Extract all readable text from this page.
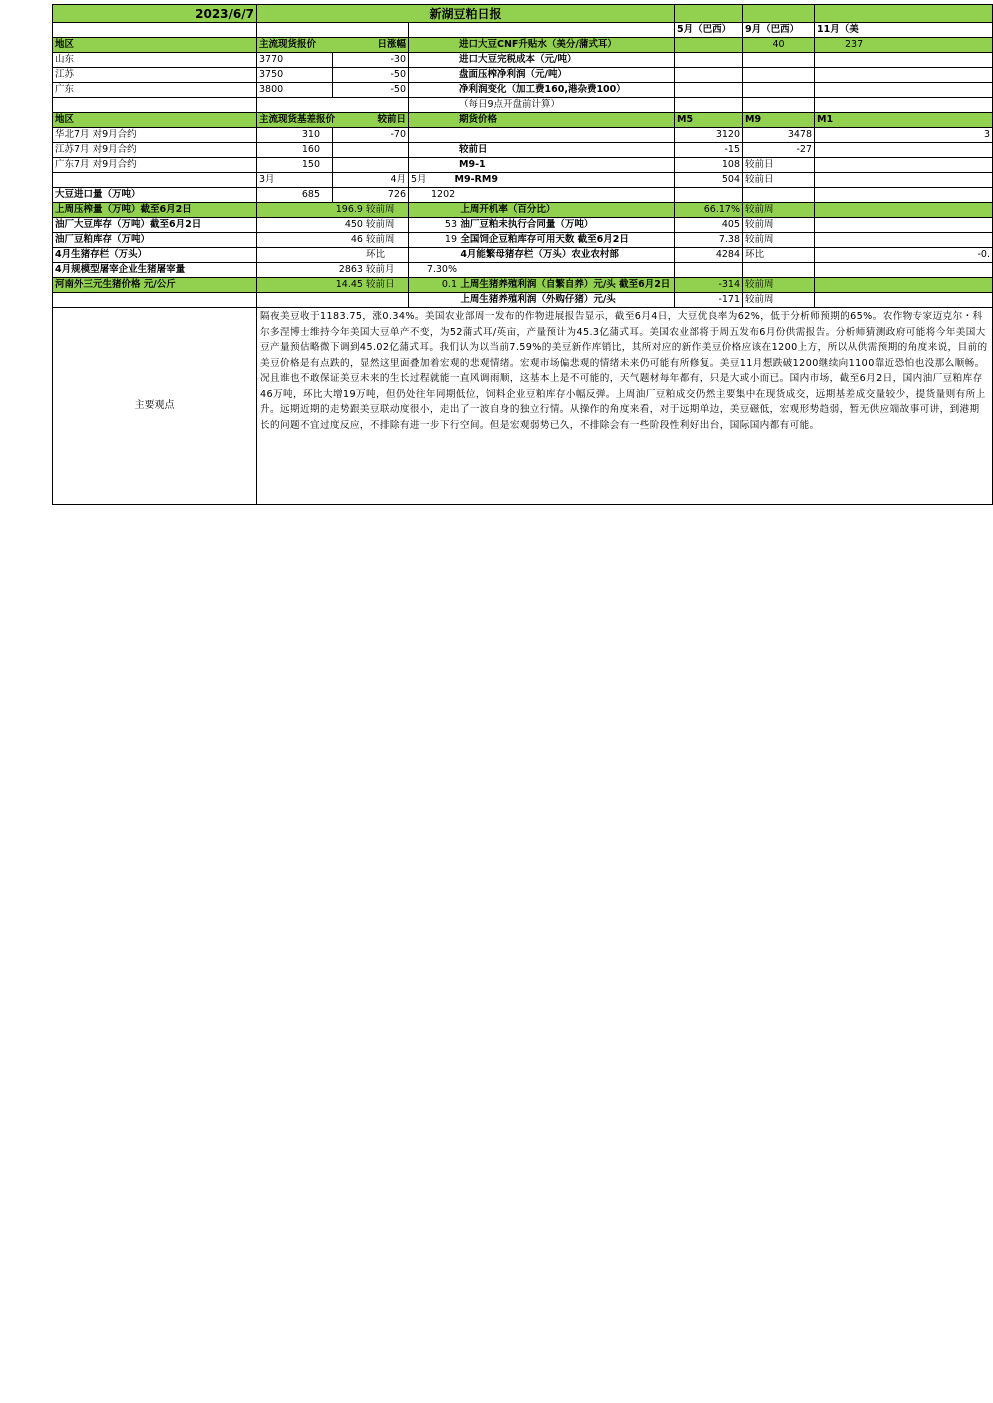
2023/6/7	新湖豆粕日报					
				5月（巴西）	9月（巴西）	11月（美
地区	主流现货报价 日涨幅		进口大豆CNF升贴水（美分/蒲式耳）		40	237
山东	3770	-30	进口大豆完税成本（元/吨）			
江苏	3750	-50	盘面压榨净利润（元/吨）			
广东	3800	-50	净利润变化（加工费160,港杂费100）			
			（每日9点开盘前计算）			
地区	主流现货基差报价 较前日		期货价格	M5	M9	M1
华北7月 对9月合约	310	-70		3120	3478	3
江苏7月 对9月合约	160		较前日	-15	-27	
广东7月 对9月合约	150		M9-1	108	较前日	
	3月	4月	5月 M9-RM9	504	较前日	
大豆进口量（万吨）	685	726	1202			
上周压榨量（万吨）截至6月2日	196.9 较前周		上周开机率（百分比）	66.17%	较前周	
油厂大豆库存（万吨）截至6月2日	450 较前周		53 油厂豆粕未执行合同量（万吨）	405	较前周	
油厂豆粕库存（万吨）	46 较前周		19 全国饲企豆粕库存可用天数 截至6月2日	7.38	较前周	
4月生猪存栏（万头）	环比		4月能繁母猪存栏（万头）农业农村部	4284	环比	-0.
4月规模型屠宰企业生猪屠宰量	2863 较前月		7.30%			
河南外三元生猪价格 元/公斤	14.45 较前日		0.1 上周生猪养殖利润（自繁自养）元/头 截至6月2日	-314	较前周	
			上周生猪养殖利润（外购仔猪）元/头	-171	较前周	
主要观点	隔夜美豆收于1183.75，涨0.34%。美国农业部周一发布的作物进展报告显示，截至6月4日，大豆优良率为62%，低于分析师预期的65%。农作物专家迈克尔・科尔多涅博士维持今年美国大豆单产不变，为52蒲式耳/英亩，产量预计为45.3亿蒲式耳。美国农业部将于周五发布6月份供需报告。分析师猜测政府可能将今年美国大豆产量预估略微下调到45.02亿蒲式耳。我们认为以当前7.59%的美豆新作库销比，其所对应的新作美豆价格应该在1200上方，所以从供需预期的角度来说，目前的美豆价格是有点跌的，显然这里面叠加着宏观的悲观情绪。宏观市场偏悲观的情绪未来仍可能有所修复。美豆11月想跌破1200继续向1100靠近恐怕也没那么顺畅。况且谁也不敢保证美豆未来的生长过程就能一直风调雨顺，这基本上是不可能的，天气题材每年都有，只是大或小而已。国内市场，截至6月2日，国内油厂豆粕库存46万吨，环比大增19万吨，但仍处往年同期低位，饲料企业豆粕库存小幅反弹。上周油厂豆粕成交仍然主要集中在现货成交，远期基差成交量较少，提货量则有所上升。远期近期的走势跟美豆联动度很小，走出了一波自身的独立行情。从操作的角度来看，对于远期单边，美豆磁低，宏观形势趋弱，暂无供应端故事可讲，到港期长的问题不宜过度反应，不排除有进一步下行空间。但是宏观弱势已久，不排除会有一些阶段性利好出台，国际国内都有可能。					
